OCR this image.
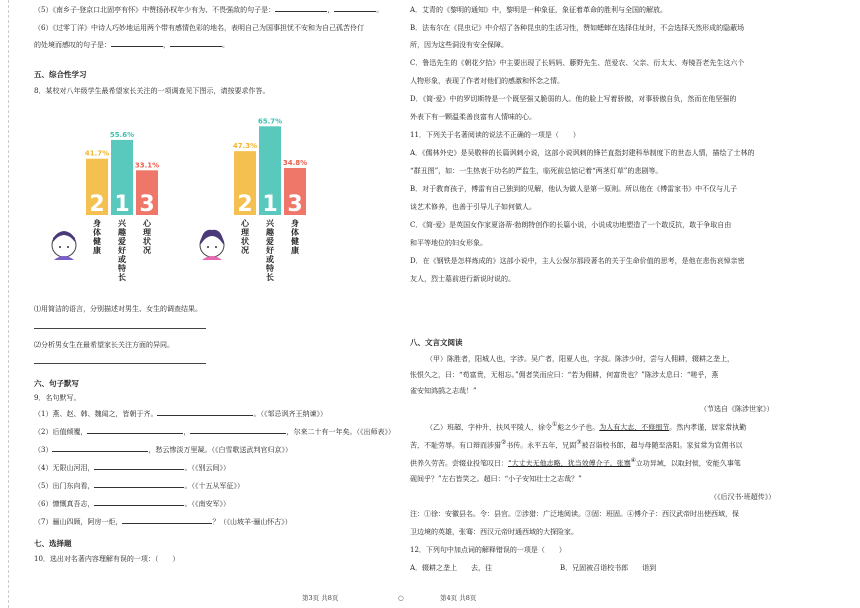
（5）《南乡子·登京口北固亭有怀》中赞扬孙权年少有为、不畏强敌的句子是：	，	。
（6）《过零丁洋》中诗人巧妙地运用两个带有感情色彩的地名，表明自己为国事担忧不安和为自己孤苦伶仃
的处境而感叹的句子是：	，	。
五、综合性学习
8．某校对八年级学生最希望家长关注的一项调查见下图示，请按要求作答。
2
41.7%
身
体
健
康
1
55.6%
兴
趣
爱
好
或
特
长
3
33.1%
心
理
状
况
2
47.3%
心
理
状
况
1
65.7%
兴
趣
爱
好
或
特
长
3
34.8%
身
体
健
康
⑴用简洁的语言，分别描述对男生、女生的调查结果。
⑵分析男女生在最希望家长关注方面的异同。
六、句子默写
9．名句默写。
（1）燕、赵、韩、魏闻之，皆朝于齐。	。（《邹忌讽齐王纳谏》）
（2）后值倾覆，	，	，尔来二十有一年矣。（《出师表》）
（3）	，愁云惨淡万里凝。（《白雪歌送武判官归京》）
（4）无限山河泪，	。（《别云间》）
（5）出门东向看，	。（《十五从军征》）
（6）慷慨真吾志，	。（《南安军》）
（7）骊山四顾，阿房一炬，	？（《山坡羊·骊山怀古》）
七、选择题
10．选出对名著内容理解有误的一项：（　　）
A．艾青的《黎明的通知》中，黎明是一种象征，象征着革命的胜利与全国的解放。
B．法布尔在《昆虫记》中介绍了各种昆虫的生活习性，赞如蟋蟀在选择住址时，不会选择天然形成的隐蔽场
所，因为这些洞没有安全保障。
C．鲁迅先生的《朝花夕拾》中主要出现了长妈妈、藤野先生、范爱农、父亲、衍太太、寿镜吾老先生这六个
人物形象，表现了作者对他们的感激和怀念之情。
D．《简·爱》中的罗切斯特是一个既坚强又脆弱的人。他的脸上写着骄傲，对事骄傲自负，然而在他坚强的
外表下有一颗温柔善良富有人情味的心。
11．下列关于名著阅读的说法不正确的一项是（　　）
A．《儒林外史》是吴敬梓的长篇讽刺小说，这部小说讽刺的锋芒直指封建科举制度下的世态人情，描绘了士林的
“群丑图”，如：一生热衷于功名的严监生，临死前总惦记着“两茎灯草”的悲剧等。
B．对于教育孩子，傅雷有自己独到的见解，他认为做人是第一原则。所以他在《傅雷家书》中不仅与儿子
谈艺术修养，也善于引导儿子如何做人。
C．《简·爱》是英国女作家夏洛蒂·勃朗特创作的长篇小说，小说成功地塑造了一个敢反抗，敢于争取自由
和平等地位的妇女形象。
D．在《钢铁是怎样炼成的》这部小说中，主人公保尔那段著名的关于生命价值的思考，是他在悲伤哀悼亲密
友人，烈士墓前进行新说时说的。
八、文言文阅读
（甲）陈胜者，阳城人也，字涉。吴广者，阳夏人也，字叔。陈涉少时，尝与人佣耕，辍耕之垄上，
怅恨久之，曰：“苟富贵，无相忘。”佣者笑而应曰：“若为佣耕，何富贵也？”陈涉太息曰：“嗟乎，燕
雀安知鸿鹄之志哉！”
（节选自《陈涉世家》）
（乙）班超，字仲升，扶风平陵人，徐令①彪之少子也。为人有大志，不修细节。然内孝谨，居家常执勤
苦，不耻劳辱。有口辩而涉猎②书传。永平五年，兄固③被召诣校书郎，超与母随至洛阳。家贫常为官佣书以
供养久劳苦。尝辍业投笔叹曰：“大丈夫无他志略，犹当效傅介子、张骞④立功异域，以取封侯，安能久事笔
砚间乎？”左右皆笑之。超曰：“小子安知壮士之志哉？”
（《后汉书·班超传》）
注：①徐：安徽县名。令：县官。②涉猎：广泛地阅读。③固：班固。④傅介子：西汉武帝时出使西域，保
卫边境的英雄，张骞：西汉元帝时通西域的大探险家。
12．下列句中加点词的解释错误的一项是（　　）
A．辍耕之垄上　　去，往	B．兄固被召诣校书郎　　诣到
第3页 共8页	○	第4页 共8页
